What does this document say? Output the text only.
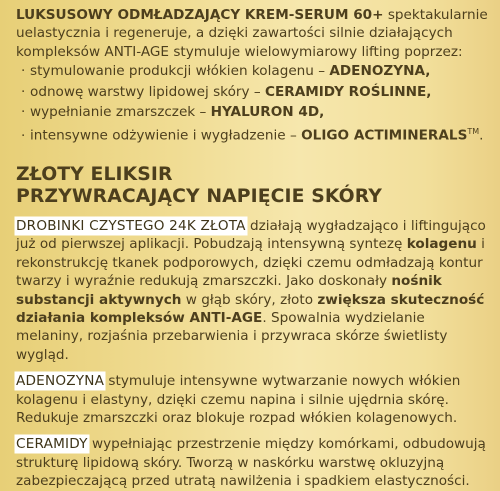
LUKSUSOWY ODMŁADZAJĄCY KREM-SERUM 60+ spektakularnie uelastycznia i regeneruje, a dzięki zawartości silnie działających kompleksów ANTI-AGE stymuluje wielowymiarowy lifting poprzez:

· stymulowanie produkcji włókien kolagenu – ADENOZYNA,
· odnowę warstwy lipidowej skóry – CERAMIDY ROŚLINNE,
· wypełnianie zmarszczek – HYALURON 4D,
· intensywne odżywienie i wygładzenie – OLIGO ACTIMINERALS™.

ZŁOTY ELIKSIR

PRZYWRACAJĄCY NAPIĘCIE SKÓRY

DROBINKI CZYSTEGO 24K ZŁOTA działają wygładzająco i liftingująco już od pierwszej aplikacji. Pobudzają intensywną syntezę kolagenu i rekonstrukcję tkanek podporowych, dzięki czemu odmładzają kontur twarzy i wyraźnie redukują zmarszczki. Jako doskonały nośnik substancji aktywnych w głąb skóry, złoto zwiększa skuteczność działania kompleksów ANTI-AGE. Spowalnia wydzielanie melaniny, rozjaśnia przebarwienia i przywraca skórze świetlisty wygląd.

ADENOZYNA stymuluje intensywne wytwarzanie nowych włókien kolagenu i elastyny, dzięki czemu napina i silnie ujędrnia skórę. Redukuje zmarszczki oraz blokuje rozpad włókien kolagenowych.

CERAMIDY wypełniając przestrzenie między komórkami, odbudowują strukturę lipidową skóry. Tworzą w naskórku warstwę okluzyjną zabezpieczającą przed utratą nawilżenia i spadkiem elastyczności.
